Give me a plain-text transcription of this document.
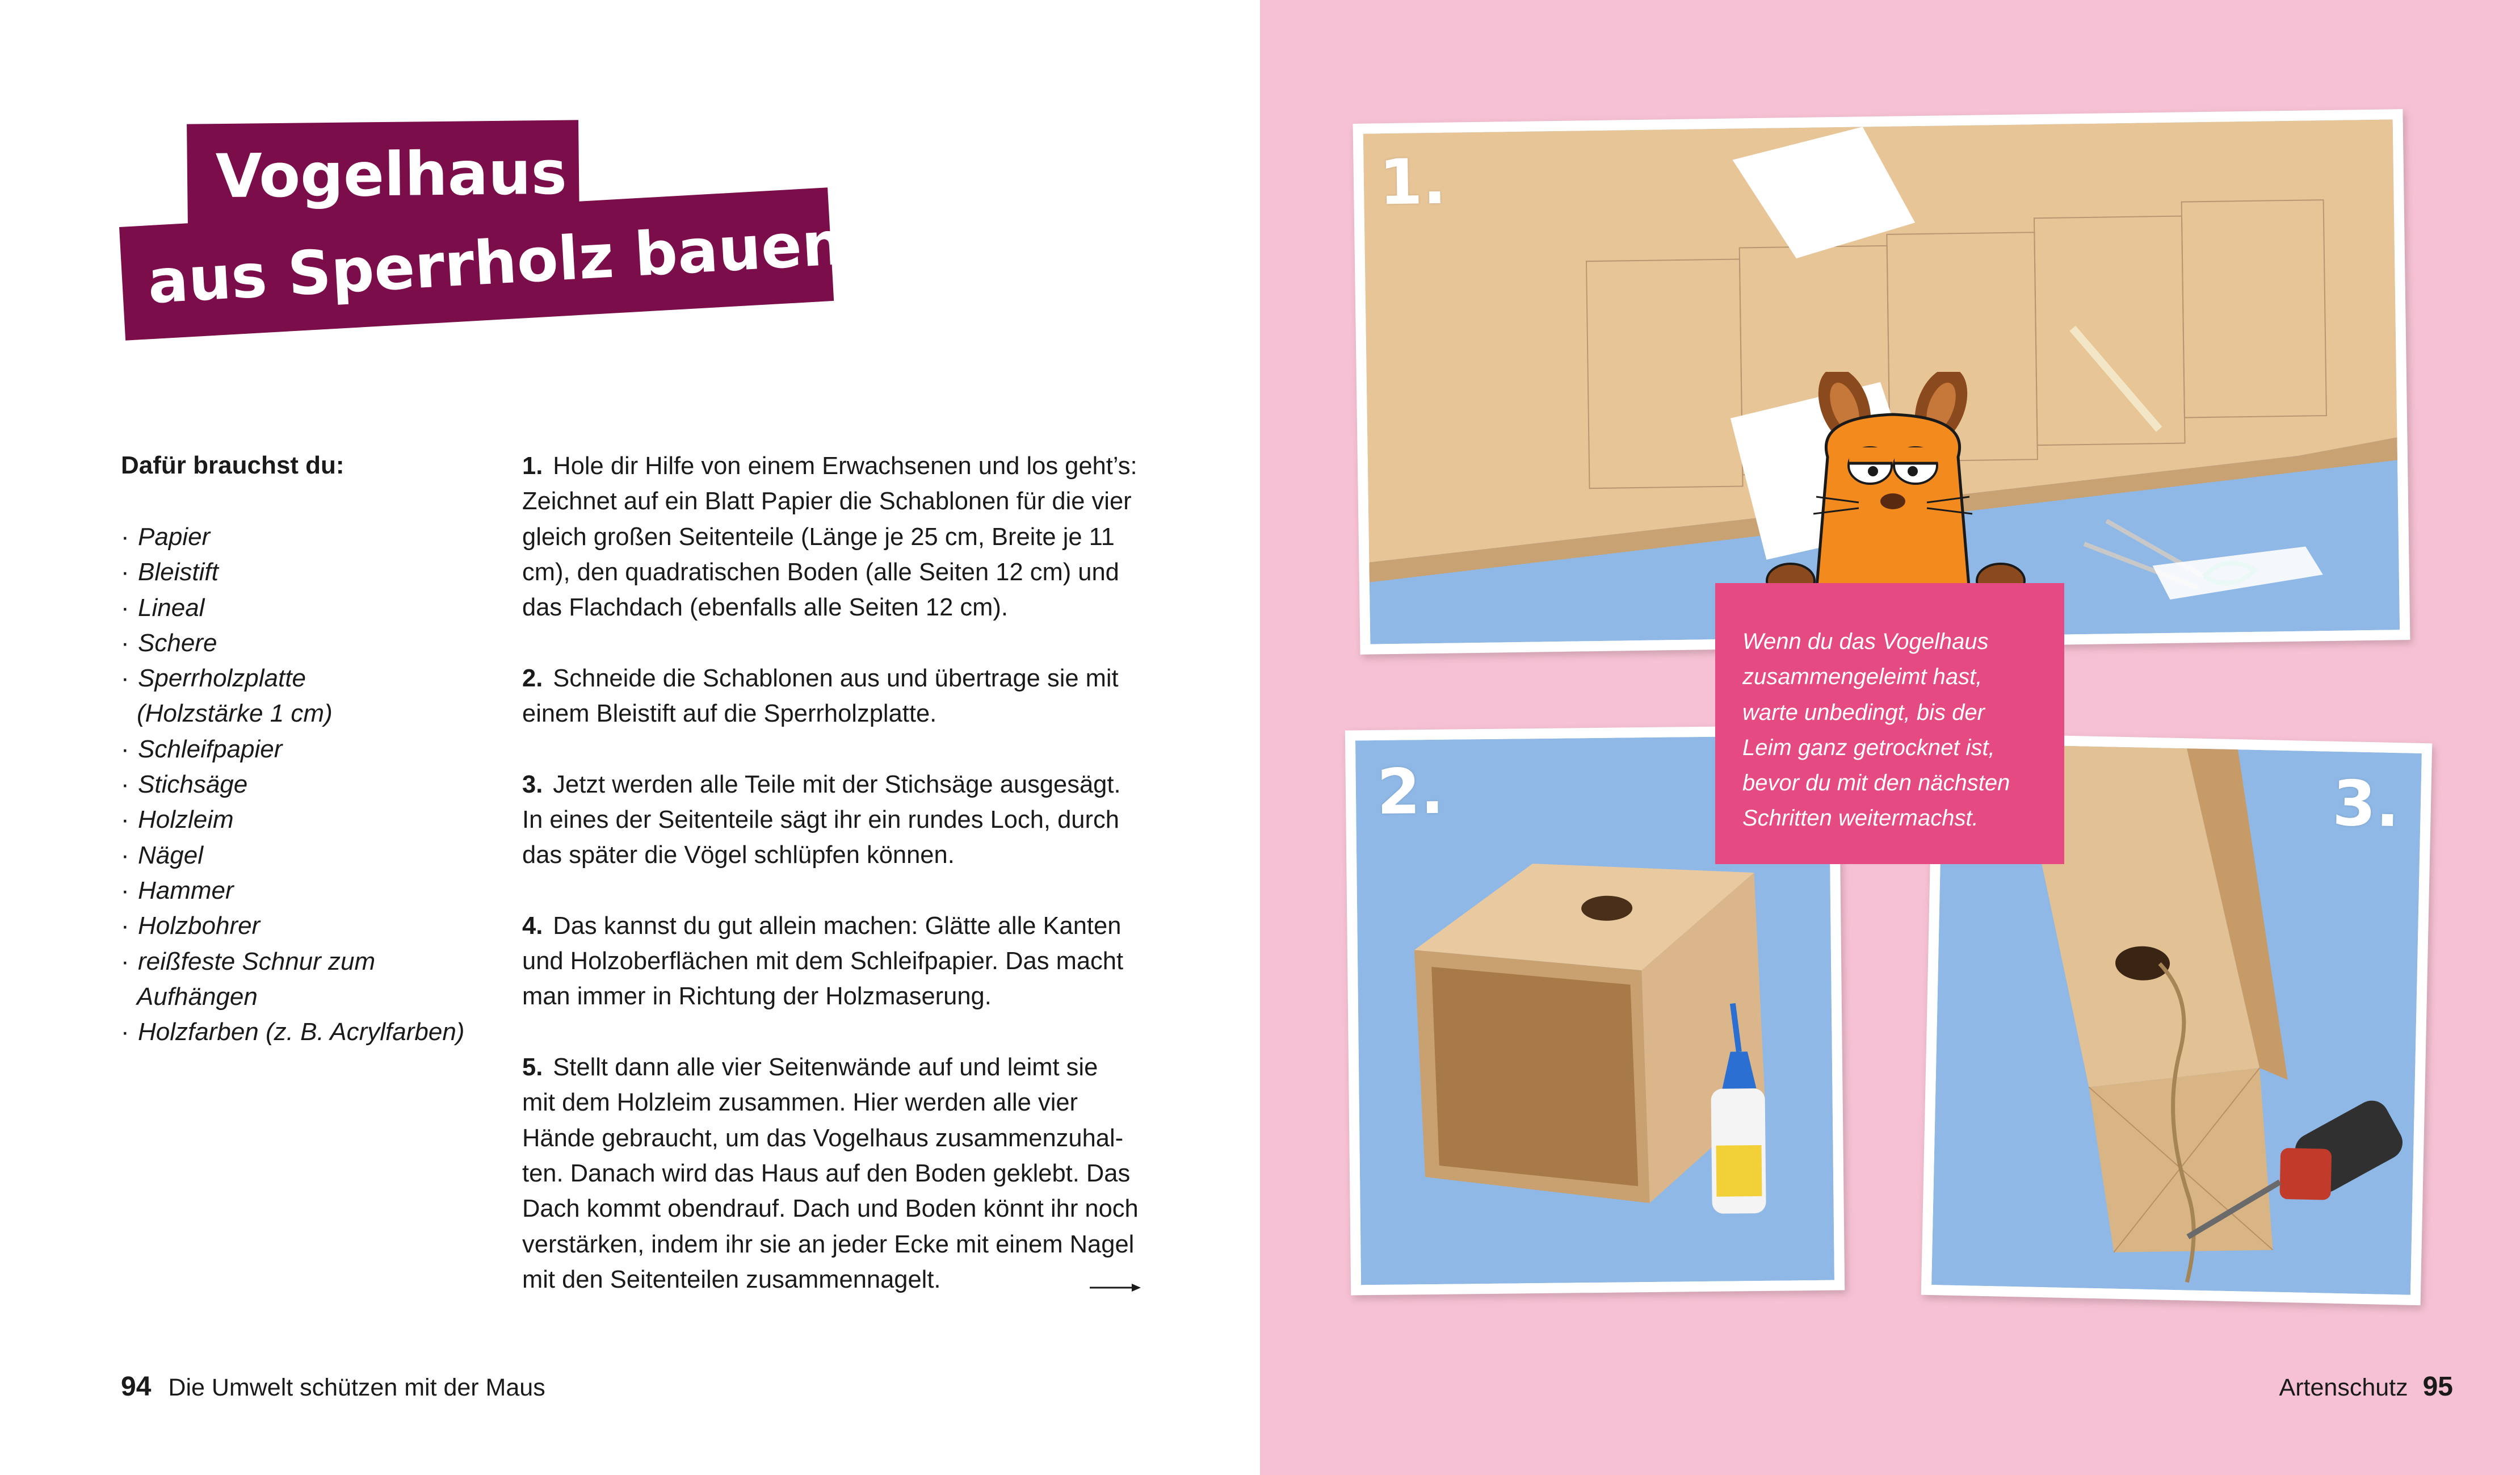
Vogelhaus
aus Sperrholz bauen
Dafür brauchst du:
· Papier
· Bleistift
· Lineal
· Schere
· Sperrholzplatte
(Holzstärke 1 cm)
· Schleifpapier
· Stichsäge
· Holzleim
· Nägel
· Hammer
· Holzbohrer
· reißfeste Schnur zum
Aufhängen
· Holzfarben (z. B. Acrylfarben)

1. Hole dir Hilfe von einem Erwachsenen und los geht’s:
Zeichnet auf ein Blatt Papier die Schablonen für die vier
gleich großen Seitenteile (Länge je 25 cm, Breite je 11
cm), den quadratischen Boden (alle Seiten 12 cm) und
das Flachdach (ebenfalls alle Seiten 12 cm).

2. Schneide die Schablonen aus und übertrage sie mit
einem Bleistift auf die Sperrholzplatte.

3. Jetzt werden alle Teile mit der Stichsäge ausgesägt.
In eines der Seitenteile sägt ihr ein rundes Loch, durch
das später die Vögel schlüpfen können.

4. Das kannst du gut allein machen: Glätte alle Kanten
und Holzoberflächen mit dem Schleifpapier. Das macht
man immer in Richtung der Holzmaserung.

5. Stellt dann alle vier Seitenwände auf und leimt sie
mit dem Holzleim zusammen. Hier werden alle vier
Hände gebraucht, um das Vogelhaus zusammenzuhal-
ten. Danach wird das Haus auf den Boden geklebt. Das
Dach kommt obendrauf. Dach und Boden könnt ihr noch
verstärken, indem ihr sie an jeder Ecke mit einem Nagel
mit den Seitenteilen zusammennagelt.

94 Die Umwelt schützen mit der Maus
1.
2.	3.
Wenn du das Vogelhaus
zusammengeleimt hast,
warte unbedingt, bis der
Leim ganz getrocknet ist,
bevor du mit den nächsten
Schritten weitermachst.
Artenschutz 95
